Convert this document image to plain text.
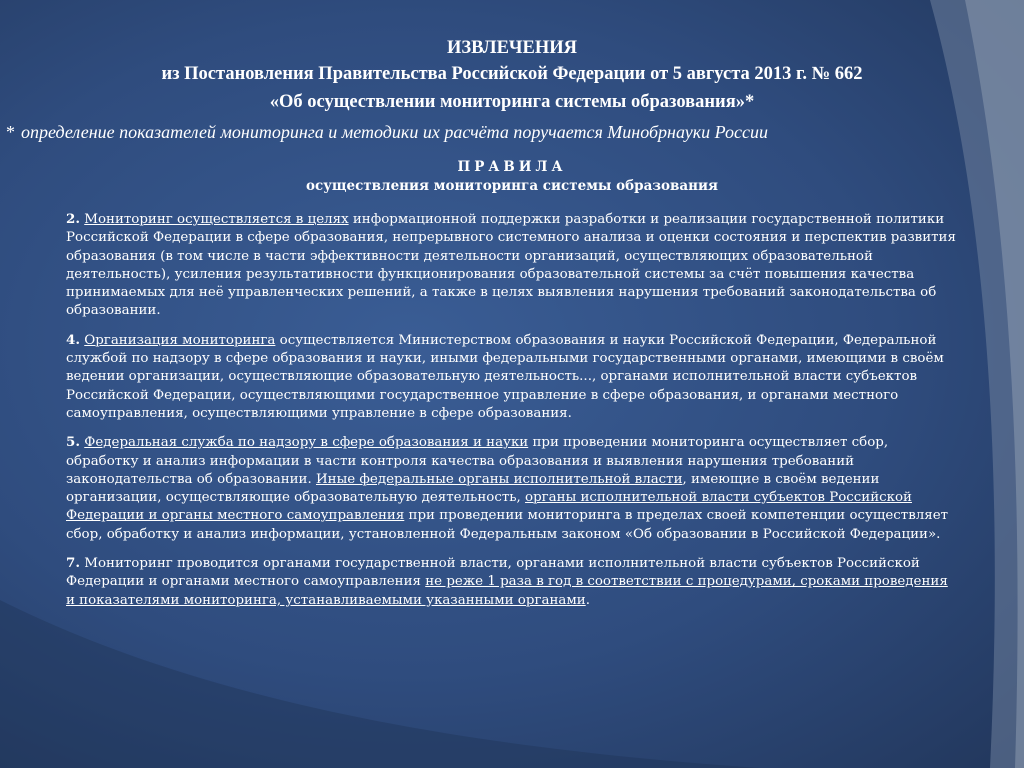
ИЗВЛЕЧЕНИЯ
из Постановления Правительства Российской Федерации от 5 августа 2013 г. № 662
«Об осуществлении мониторинга системы образования»*
* определение показателей мониторинга и методики их расчёта поручается Минобрнауки России
ПРАВИЛА
осуществления мониторинга системы образования

2. Мониторинг осуществляется в целях информационной поддержки разработки и реализации государственной политики Российской Федерации в сфере образования, непрерывного системного анализа и оценки состояния и перспектив развития образования (в том числе в части эффективности деятельности организаций, осуществляющих образовательной деятельность), усиления результативности функционирования образовательной системы за счёт повышения качества принимаемых для неё управленческих решений, а также в целях выявления нарушения требований законодательства об образовании.

4. Организация мониторинга осуществляется Министерством образования и науки Российской Федерации, Федеральной службой по надзору в сфере образования и науки, иными федеральными государственными органами, имеющими в своём ведении организации, осуществляющие образовательную деятельность..., органами исполнительной власти субъектов Российской Федерации, осуществляющими государственное управление в сфере образования, и органами местного самоуправления, осуществляющими управление в сфере образования.

5. Федеральная служба по надзору в сфере образования и науки при проведении мониторинга осуществляет сбор, обработку и анализ информации в части контроля качества образования и выявления нарушения требований законодательства об образовании. Иные федеральные органы исполнительной власти, имеющие в своём ведении организации, осуществляющие образовательную деятельность, органы исполнительной власти субъектов Российской Федерации и органы местного самоуправления при проведении мониторинга в пределах своей компетенции осуществляет сбор, обработку и анализ информации, установленной Федеральным законом «Об образовании в Российской Федерации».

7. Мониторинг проводится органами государственной власти, органами исполнительной власти субъектов Российской Федерации и органами местного самоуправления не реже 1 раза в год в соответствии с процедурами, сроками проведения и показателями мониторинга, устанавливаемыми указанными органами.
